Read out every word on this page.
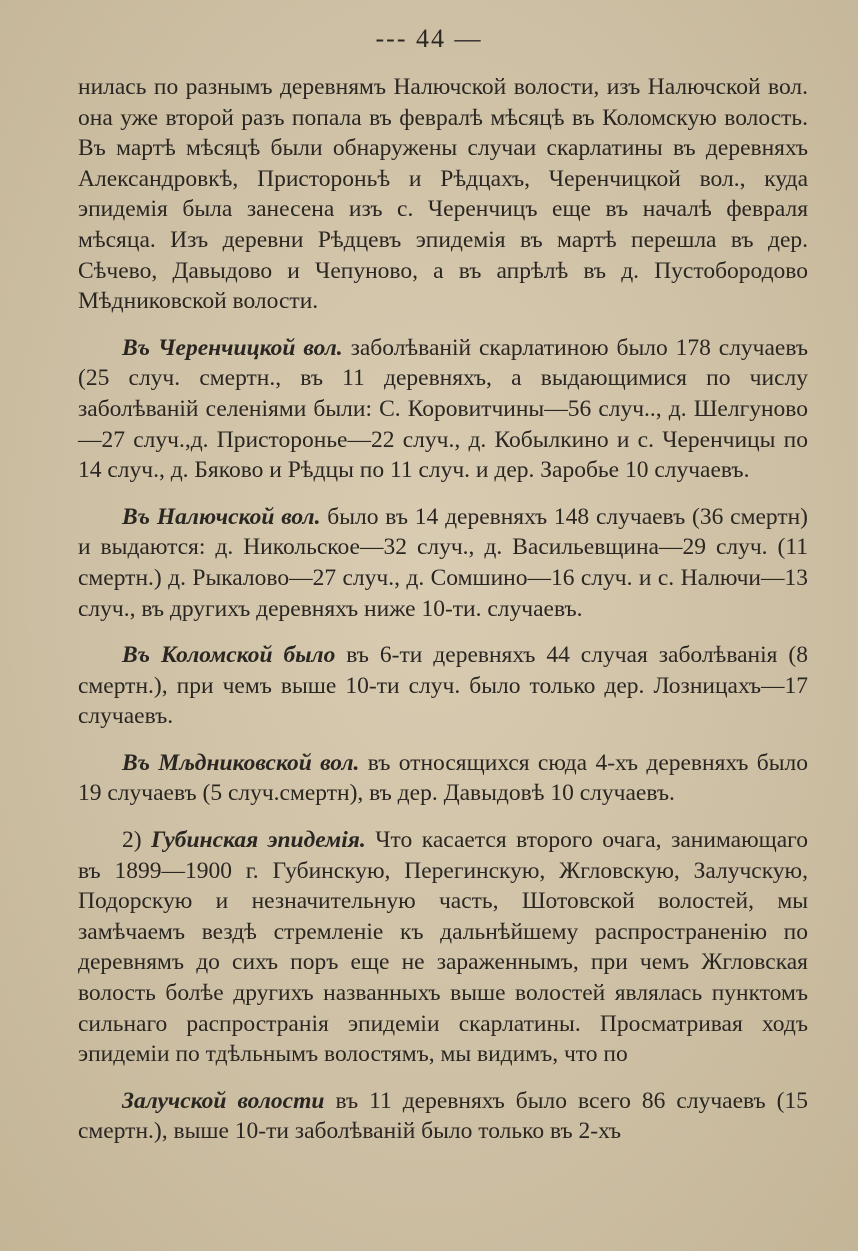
--- 44 —

нилась по разнымъ деревнямъ Налючской волости, изъ Налючской вол. она уже второй разъ попала въ февралѣ мѣсяцѣ въ Коломскую волость. Въ мартѣ мѣсяцѣ были обнаружены случаи скарлатины въ деревняхъ Александровкѣ, Пристороньѣ и Рѣдцахъ, Черенчицкой вол., куда эпидемія была занесена изъ с. Черенчицъ еще въ началѣ февраля мѣсяца. Изъ деревни Рѣдцевъ эпидемія въ мартѣ перешла въ дер. Сѣчево, Давыдово и Чепуново, а въ апрѣлѣ въ д. Пустобородово Мѣдниковской волости.

Въ Черенчицкой вол. заболѣваній скарлатиною было 178 случаевъ (25 случ. смертн., въ 11 деревняхъ, а выдающимися по числу заболѣваній селеніями были: С. Коровитчины—56 случ.., д. Шелгуново—27 случ.,д. Присторонье—22 случ., д. Кобылкино и с. Черенчицы по 14 случ., д. Бяково и Рѣдцы по 11 случ. и дер. Заробье 10 случаевъ.

Въ Налючской вол. было въ 14 деревняхъ 148 случаевъ (36 смертн) и выдаются: д. Никольское—32 случ., д. Васильевщина—29 случ. (11 смертн.) д. Рыкалово—27 случ., д. Сомшино—16 случ. и с. Налючи—13 случ., въ другихъ деревняхъ ниже 10-ти. случаевъ.

Въ Коломской было въ 6-ти деревняхъ 44 случая заболѣванія (8 смертн.), при чемъ выше 10-ти случ. было только дер. Лозницахъ—17 случаевъ.

Въ Мљдниковской вол. въ относящихся сюда 4-хъ деревняхъ было 19 случаевъ (5 случ.смертн), въ дер. Давыдовѣ 10 случаевъ.

2) Губинская эпидемія. Что касается второго очага, занимающаго въ 1899—1900 г. Губинскую, Перегинскую, Жгловскую, Залучскую, Подорскую и незначительную часть, Шотовской волостей, мы замѣчаемъ вездѣ стремленіе къ дальнѣйшему распространенію по деревнямъ до сихъ поръ еще не зараженнымъ, при чемъ Жгловская волость болѣе другихъ названныхъ выше волостей являлась пунктомъ сильнаго распространія эпидеміи скарлатины. Просматривая ходъ эпидеміи по тдѣльнымъ волостямъ, мы видимъ, что по

Залучской волости въ 11 деревняхъ было всего 86 случаевъ (15 смертн.), выше 10-ти заболѣваній было только въ 2-хъ
